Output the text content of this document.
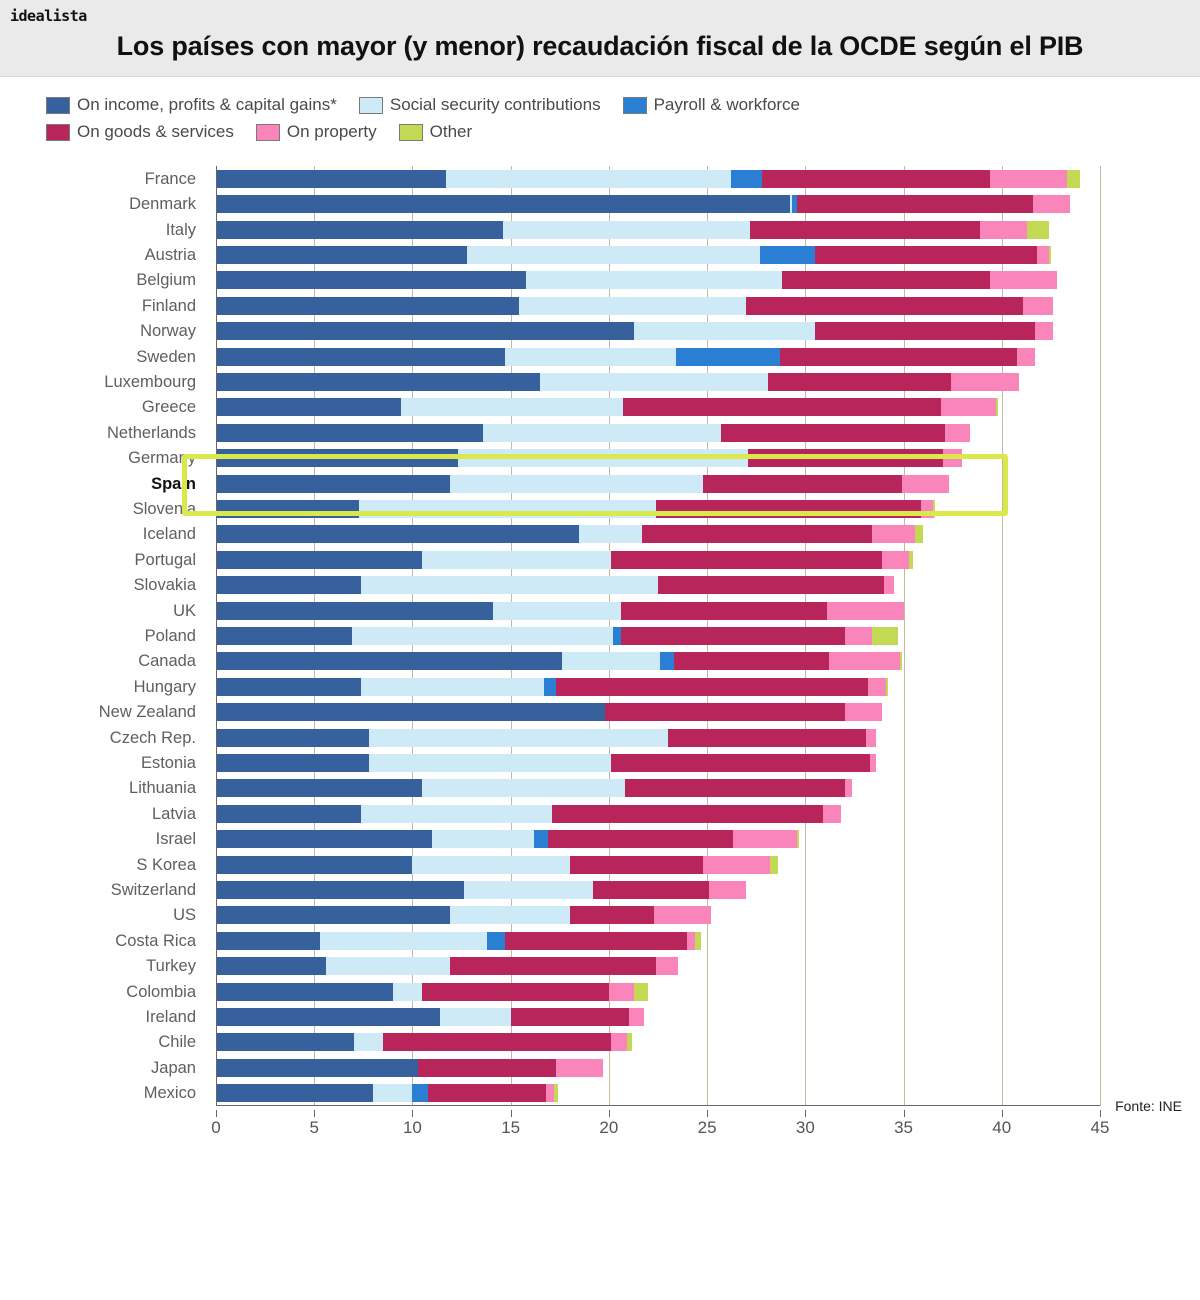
idealista
Los países con mayor (y menor) recaudación fiscal de la OCDE según el PIB
On income, profits & capital gains*	Social security contributions	Payroll & workforce
On goods & services	On property	Other
France
Denmark
Italy
Austria
Belgium
Finland
Norway
Sweden
Luxembourg
Greece
Netherlands
Germany
Spain
Slovenia
Iceland
Portugal
Slovakia
UK
Poland
Canada
Hungary
New Zealand
Czech Rep.
Estonia
Lithuania
Latvia
Israel
S Korea
Switzerland
US
Costa Rica
Turkey
Colombia
Ireland
Chile
Japan
Mexico
0	5	10	15	20	25	30	35	40	45
Fonte: INE
